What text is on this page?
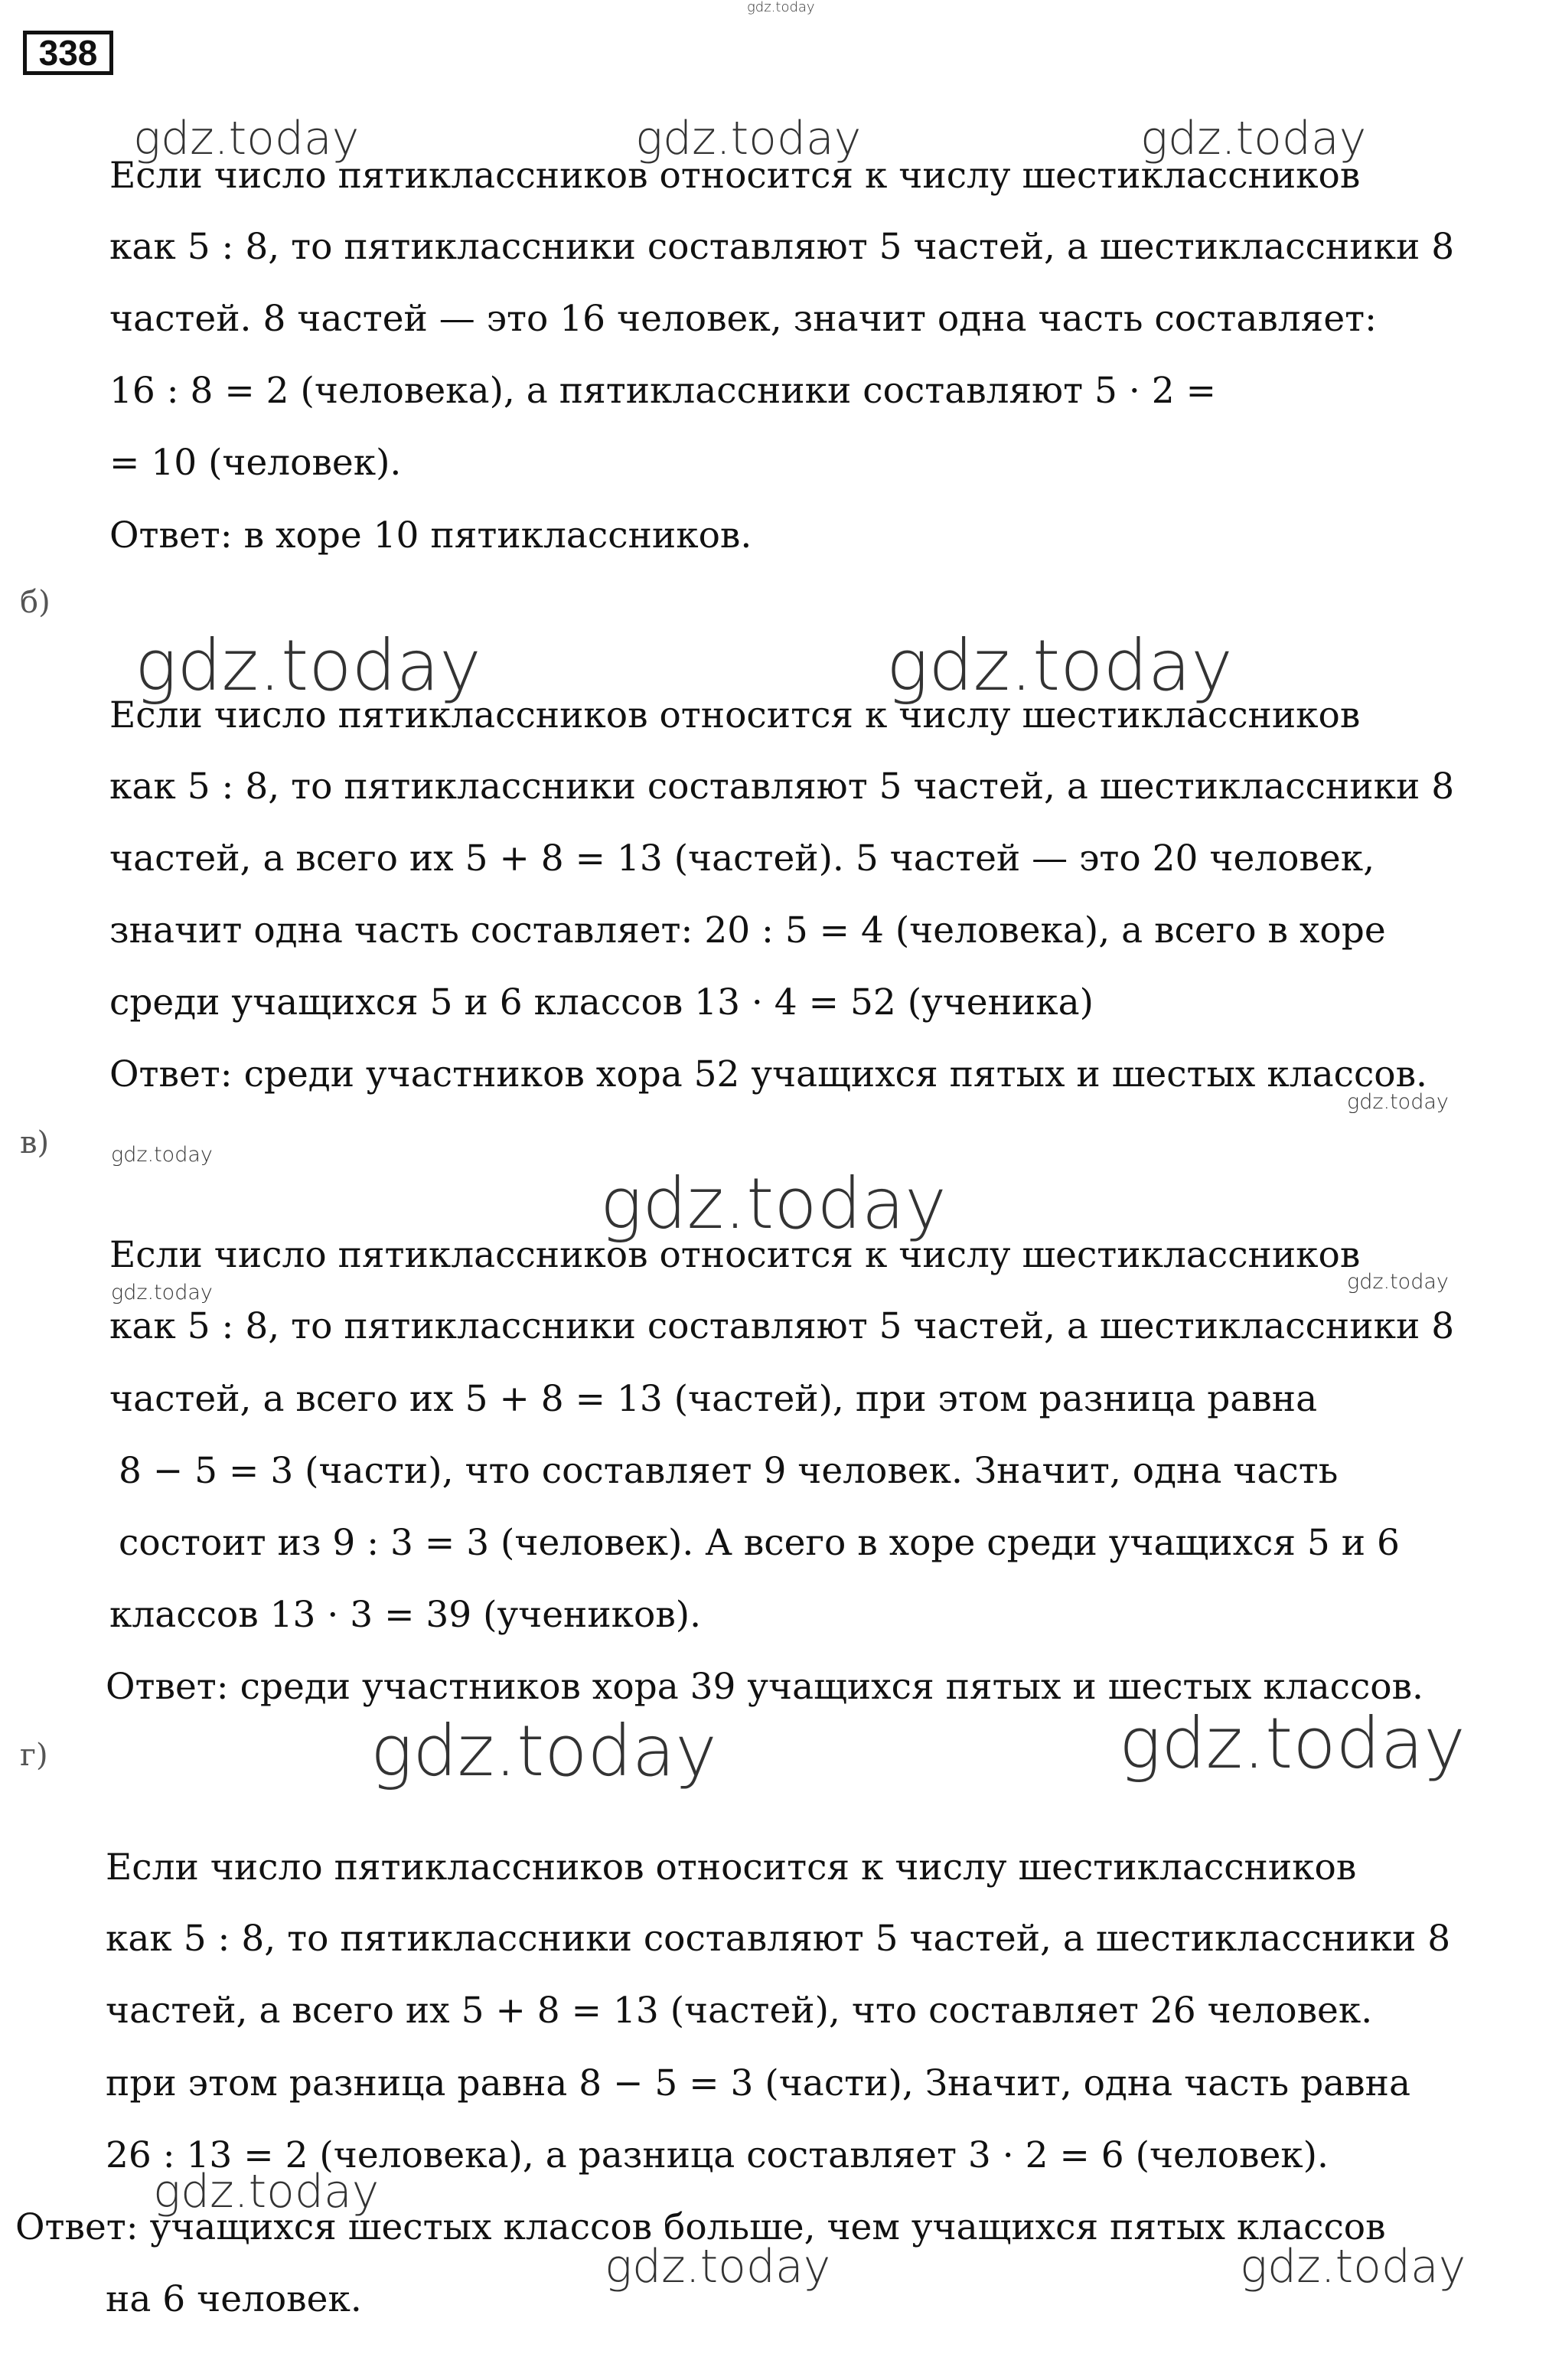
338
Если число пятиклассников относится к числу шестиклассников
как 5 : 8, то пятиклассники составляют 5 частей, а шестиклассники 8
частей. 8 частей — это 16 человек, значит одна часть составляет:
16 : 8 = 2 (человека), а пятиклассники составляют 5 · 2 =
= 10 (человек).
Ответ: в хоре 10 пятиклассников.
б)
Если число пятиклассников относится к числу шестиклассников
как 5 : 8, то пятиклассники составляют 5 частей, а шестиклассники 8
частей, а всего их 5 + 8 = 13 (частей). 5 частей — это 20 человек,
значит одна часть составляет: 20 : 5 = 4 (человека), а всего в хоре
среди учащихся 5 и 6 классов 13 · 4 = 52 (ученика)
Ответ: среди участников хора 52 учащихся пятых и шестых классов.
в)
Если число пятиклассников относится к числу шестиклассников
как 5 : 8, то пятиклассники составляют 5 частей, а шестиклассники 8
частей, а всего их 5 + 8 = 13 (частей), при этом разница равна
8 − 5 = 3 (части), что составляет 9 человек. Значит, одна часть
состоит из 9 : 3 = 3 (человек). А всего в хоре среди учащихся 5 и 6
классов 13 · 3 = 39 (учеников).
Ответ: среди участников хора 39 учащихся пятых и шестых классов.
г)
Если число пятиклассников относится к числу шестиклассников
как 5 : 8, то пятиклассники составляют 5 частей, а шестиклассники 8
частей, а всего их 5 + 8 = 13 (частей), что составляет 26 человек.
при этом разница равна 8 − 5 = 3 (части), Значит, одна часть равна
26 : 13 = 2 (человека), а разница составляет 3 · 2 = 6 (человек).
Ответ: учащихся шестых классов больше, чем учащихся пятых классов
на 6 человек.
gdz.today
gdz.today	gdz.today	gdz.today
gdz.today	gdz.today
gdz.today
gdz.today
gdz.today
gdz.today	gdz.today
gdz.today	gdz.today
gdz.today
gdz.today	gdz.today
